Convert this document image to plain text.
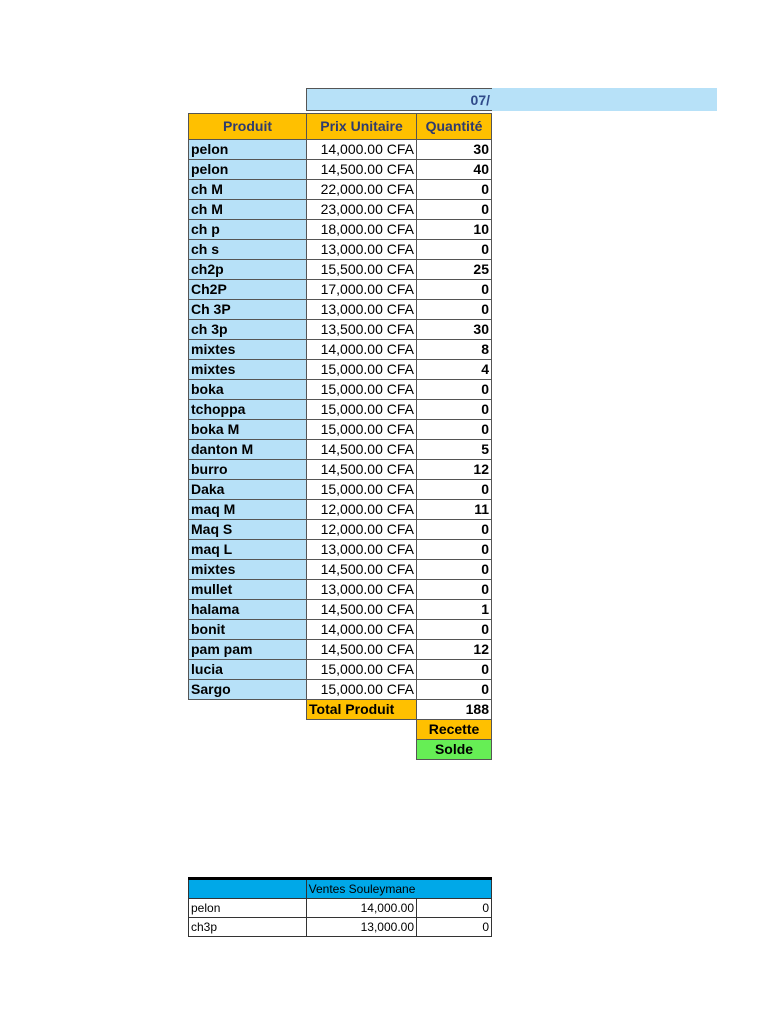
07/
Produit	Prix Unitaire	Quantité
pelon	14,000.00 CFA	30
pelon	14,500.00 CFA	40
ch M	22,000.00 CFA	0
ch M	23,000.00 CFA	0
ch p	18,000.00 CFA	10
ch s	13,000.00 CFA	0
ch2p	15,500.00 CFA	25
Ch2P	17,000.00 CFA	0
Ch 3P	13,000.00 CFA	0
ch 3p	13,500.00 CFA	30
mixtes	14,000.00 CFA	8
mixtes	15,000.00 CFA	4
boka	15,000.00 CFA	0
tchoppa	15,000.00 CFA	0
boka M	15,000.00 CFA	0
danton M	14,500.00 CFA	5
burro	14,500.00 CFA	12
Daka	15,000.00 CFA	0
maq M	12,000.00 CFA	11
Maq S	12,000.00 CFA	0
maq L	13,000.00 CFA	0
mixtes	14,500.00 CFA	0
mullet	13,000.00 CFA	0
halama	14,500.00 CFA	1
bonit	14,000.00 CFA	0
pam pam	14,500.00 CFA	12
lucia	15,000.00 CFA	0
Sargo	15,000.00 CFA	0
	Total Produit	188
		Recette
		Solde

	Ventes Souleymane	

pelon	14,000.00	0
ch3p	13,000.00	0
